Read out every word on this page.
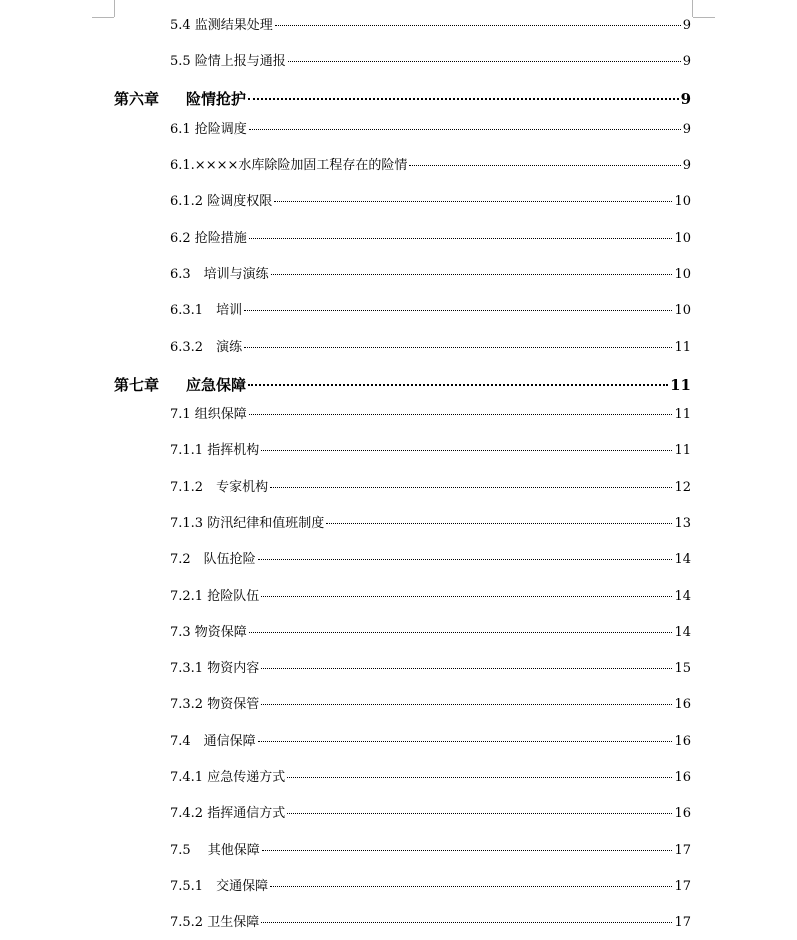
5.4 监测结果处理	9
5.5 险情上报与通报	9
第六章 险情抢护	9
6.1 抢险调度	9
6.1.××××水库除险加固工程存在的险情	9
6.1.2 险调度权限	10
6.2 抢险措施	10
6.3　培训与演练	10
6.3.1　培训	10
6.3.2　演练	11
第七章 应急保障	11
7.1 组织保障	11
7.1.1 指挥机构	11
7.1.2　专家机构	12
7.1.3 防汛纪律和值班制度	13
7.2　队伍抢险	14
7.2.1 抢险队伍	14
7.3 物资保障	14
7.3.1 物资内容	15
7.3.2 物资保管	16
7.4　通信保障	16
7.4.1 应急传递方式	16
7.4.2 指挥通信方式	16
7.5　 其他保障	17
7.5.1　交通保障	17
7.5.2 卫生保障	17
